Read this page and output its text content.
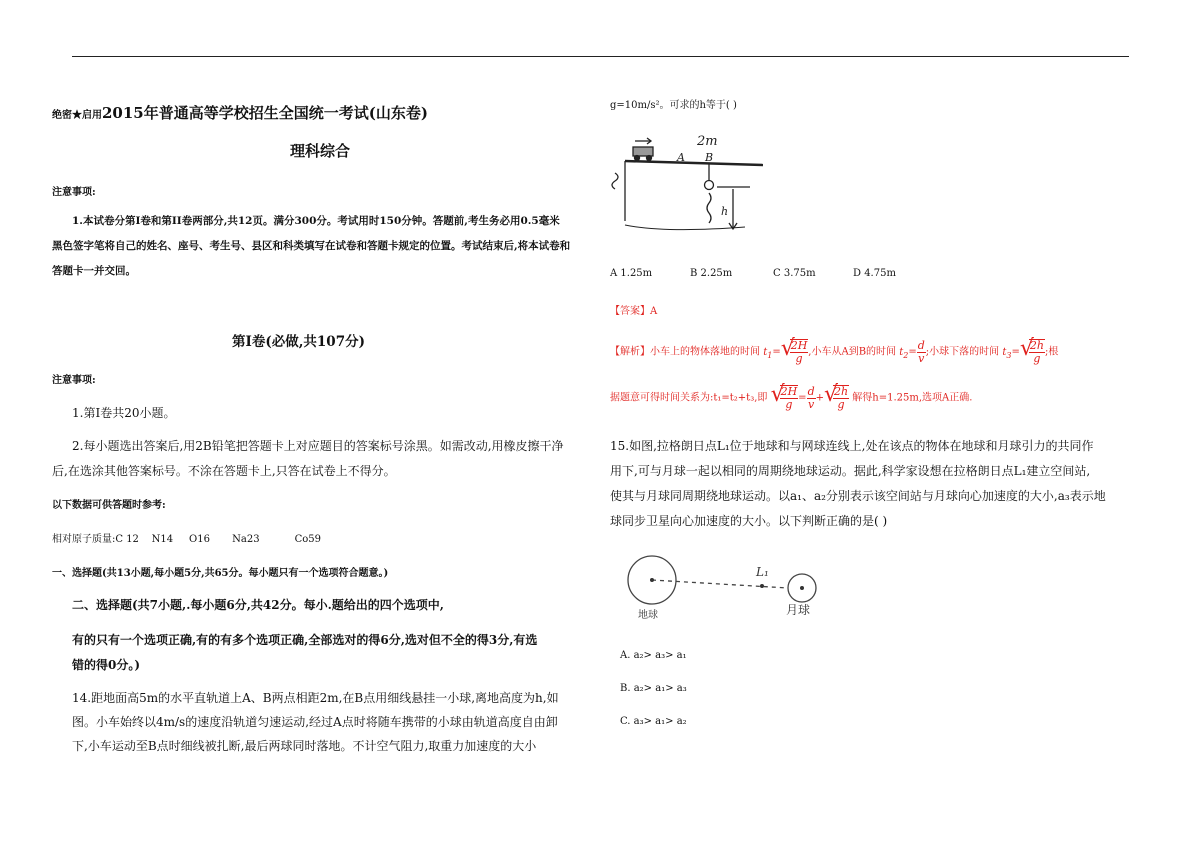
绝密★启用2015年普通高等学校招生全国统一考试(山东卷)
理科综合
注意事项:
1.本试卷分第I卷和第II卷两部分,共12页。满分300分。考试用时150分钟。答题前,考生务必用0.5毫米
黑色签字笔将自己的姓名、座号、考生号、县区和科类填写在试卷和答题卡规定的位置。考试结束后,将本试卷和
答题卡一并交回。
第Ⅰ卷(必做,共107分)
注意事项:
1.第Ⅰ卷共20小题。
2.每小题选出答案后,用2B铅笔把答题卡上对应题目的答案标号涂黑。如需改动,用橡皮擦干净
后,在选涂其他答案标号。不涂在答题卡上,只答在试卷上不得分。
以下数据可供答题时参考:
相对原子质量:C 12    N14     O16       Na23           Co59
一、选择题(共13小题,每小题5分,共65分。每小题只有一个选项符合题意。)
二、选择题(共7小题,.每小题6分,共42分。每小.题给出的四个选项中,
有的只有一个选项正确,有的有多个选项正确,全部选对的得6分,选对但不全的得3分,有选
错的得0分。)
14.距地面高5m的水平直轨道上A、B两点相距2m,在B点用细线悬挂一小球,离地高度为h,如
图。小车始终以4m/s的速度沿轨道匀速运动,经过A点时将随车携带的小球由轨道高度自由卸
下,小车运动至B点时细线被扎断,最后两球同时落地。不计空气阻力,取重力加速度的大小
g=10m/s²。可求的h等于( )
2m
A B
h
A 1.25m	B 2.25m	C 3.75m	D 4.75m
【答案】A
【解析】小车上的物体落地的时间 $t_1=$ √
$\frac{2H}{g}$ ,小车从A到B的时间 $t_2= \frac{d}{v}$ ;小球下落的时间 $t_3=$ √
$\frac{2h}{g}$ ;根
据题意可得时间关系为:t₁=t₂+t₃,即 √
$\frac{2H}{g} = \frac{d}{v}$ + √
$\frac{2h}{g}$ 解得h=1.25m,选项A正确.
15.如图,拉格朗日点L₁位于地球和与网球连线上,处在该点的物体在地球和月球引力的共同作
用下,可与月球一起以相同的周期绕地球运动。据此,科学家设想在拉格朗日点L₁建立空间站,
使其与月球同周期绕地球运动。以a₁、a₂分别表示该空间站与月球向心加速度的大小,a₃表示地
球同步卫星向心加速度的大小。以下判断正确的是( )
L₁
地球	月球
A. a₂> a₃> a₁
B. a₂> a₁> a₃
C. a₃> a₁> a₂
